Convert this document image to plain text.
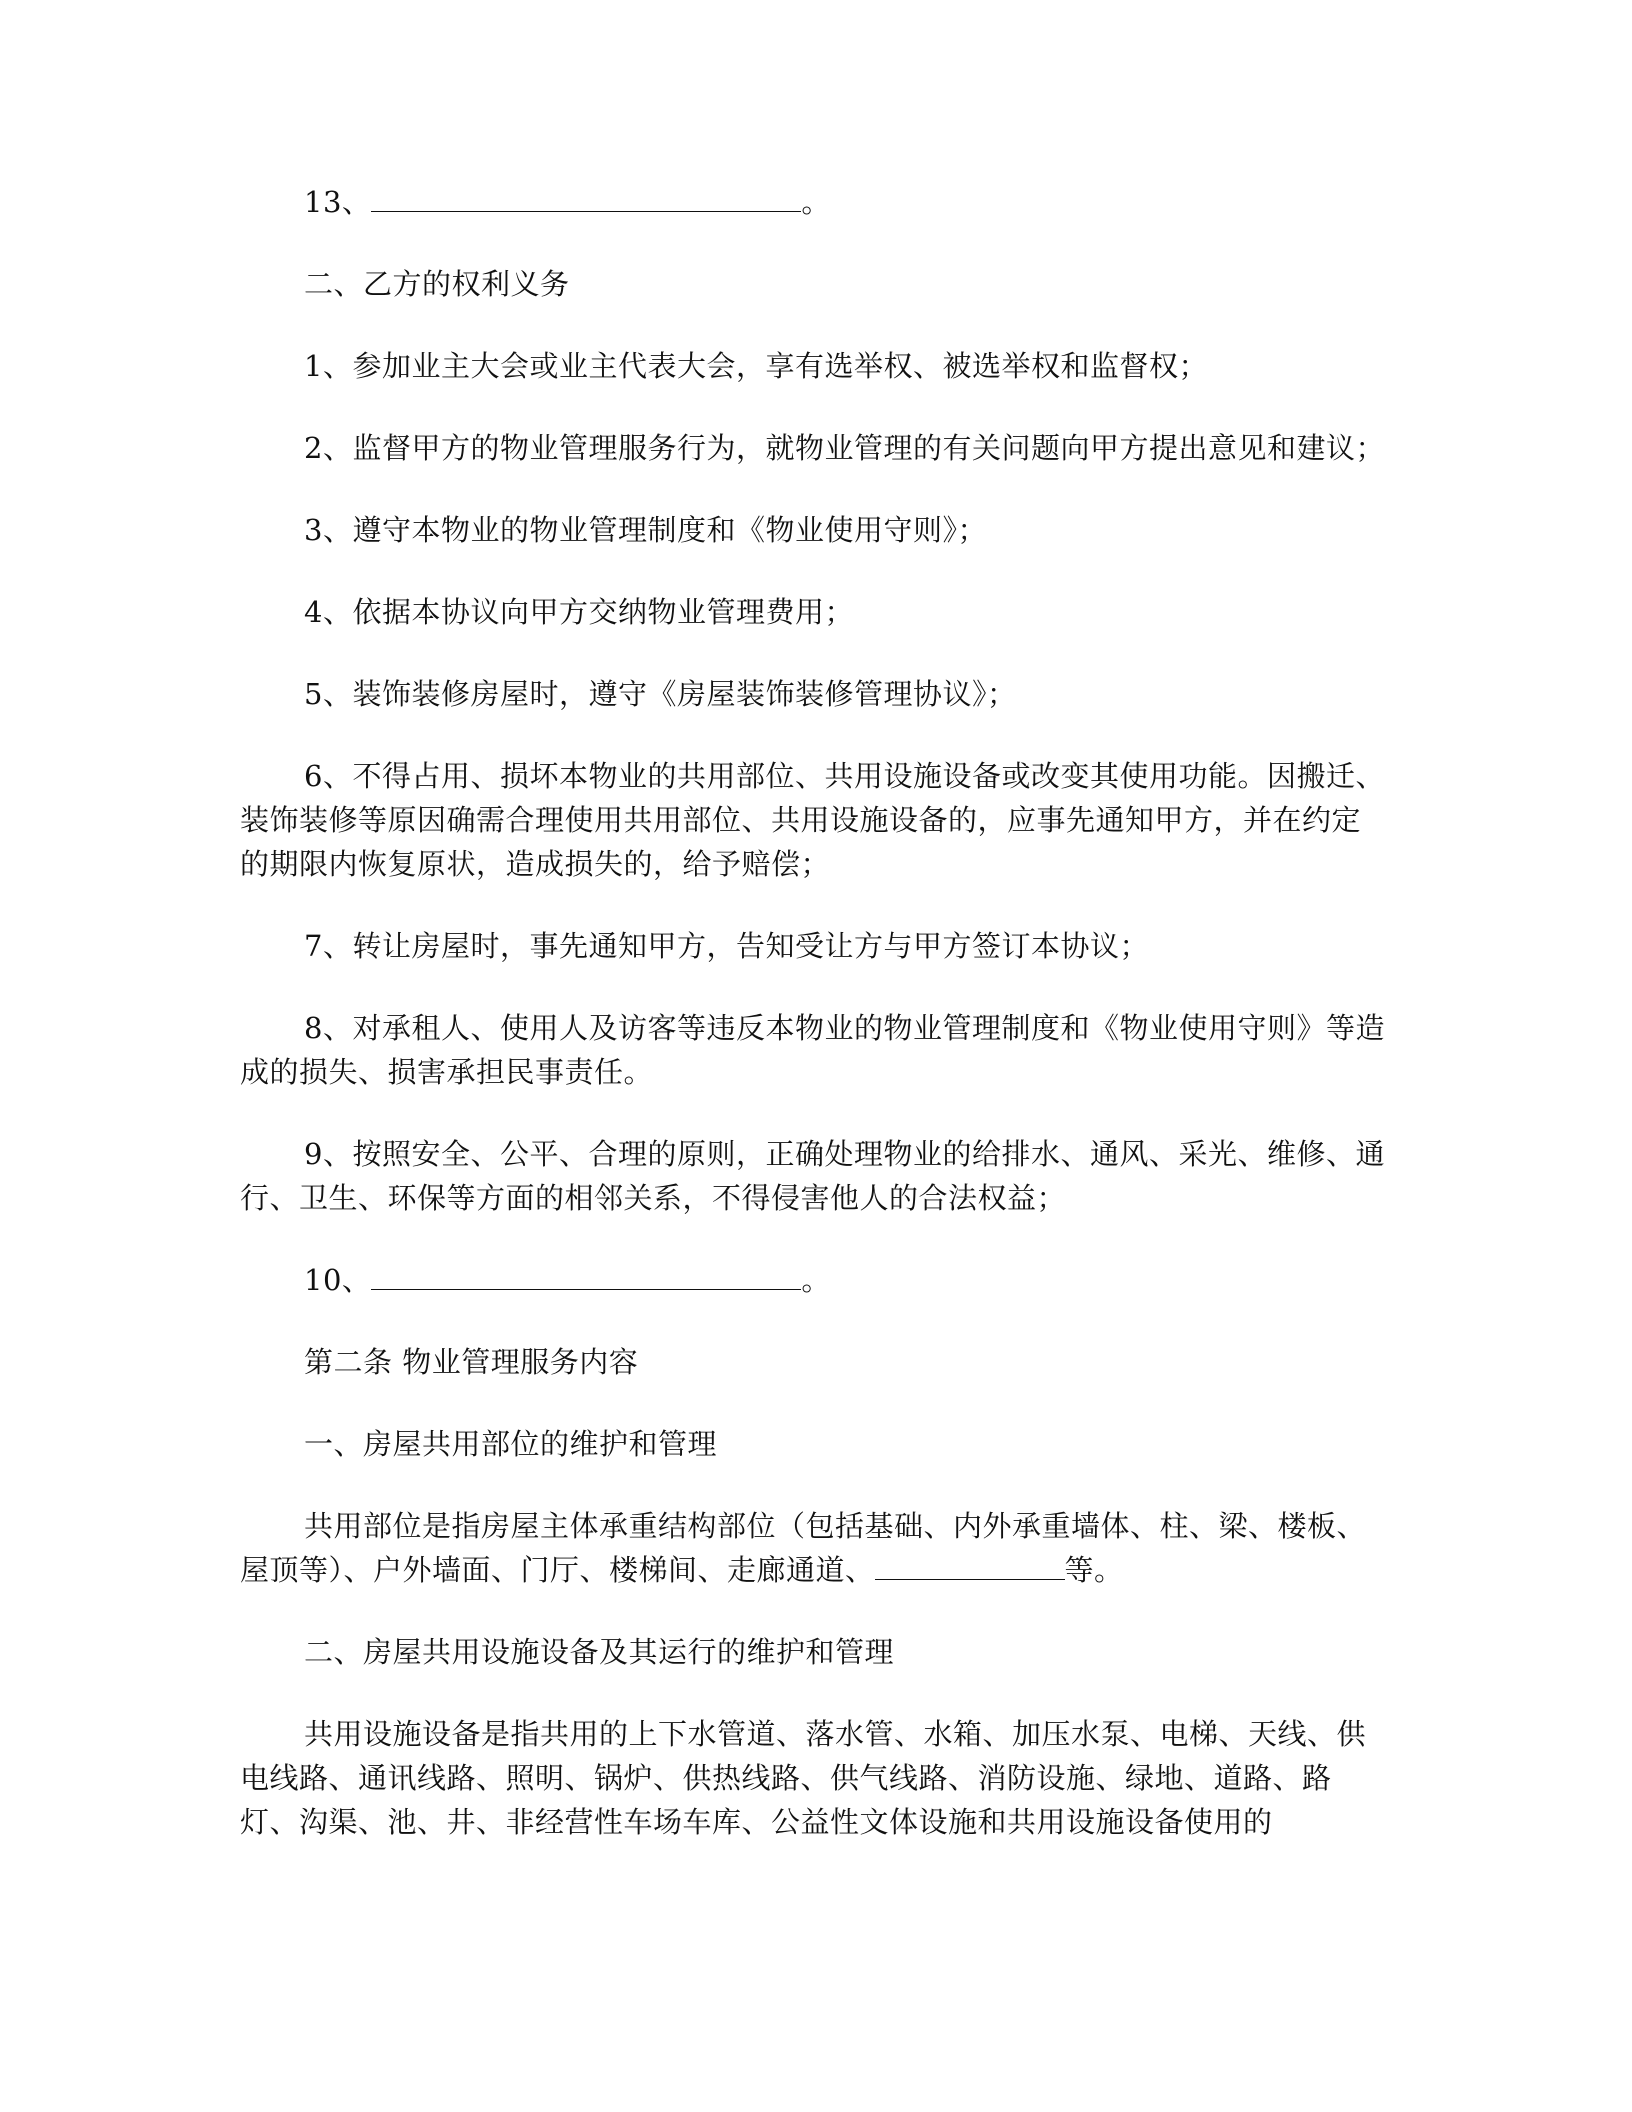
13、	。

二、乙方的权利义务

1、参加业主大会或业主代表大会，享有选举权、被选举权和监督权；

2、监督甲方的物业管理服务行为，就物业管理的有关问题向甲方提出意见和建议；

3、遵守本物业的物业管理制度和《物业使用守则》；

4、依据本协议向甲方交纳物业管理费用；

5、装饰装修房屋时，遵守《房屋装饰装修管理协议》；

6、不得占用、损坏本物业的共用部位、共用设施设备或改变其使用功能。因搬迁、装饰装修等原因确需合理使用共用部位、共用设施设备的，应事先通知甲方，并在约定的期限内恢复原状，造成损失的，给予赔偿；

7、转让房屋时，事先通知甲方，告知受让方与甲方签订本协议；

8、对承租人、使用人及访客等违反本物业的物业管理制度和《物业使用守则》等造成的损失、损害承担民事责任。

9、按照安全、公平、合理的原则，正确处理物业的给排水、通风、采光、维修、通行、卫生、环保等方面的相邻关系，不得侵害他人的合法权益；

10、	。

第二条 物业管理服务内容

一、房屋共用部位的维护和管理

共用部位是指房屋主体承重结构部位（包括基础、内外承重墙体、柱、梁、楼板、屋顶等）、户外墙面、门厅、楼梯间、走廊通道、	等。

二、房屋共用设施设备及其运行的维护和管理

共用设施设备是指共用的上下水管道、落水管、水箱、加压水泵、电梯、天线、供电线路、通讯线路、照明、锅炉、供热线路、供气线路、消防设施、绿地、道路、路灯、沟渠、池、井、非经营性车场车库、公益性文体设施和共用设施设备使用的
